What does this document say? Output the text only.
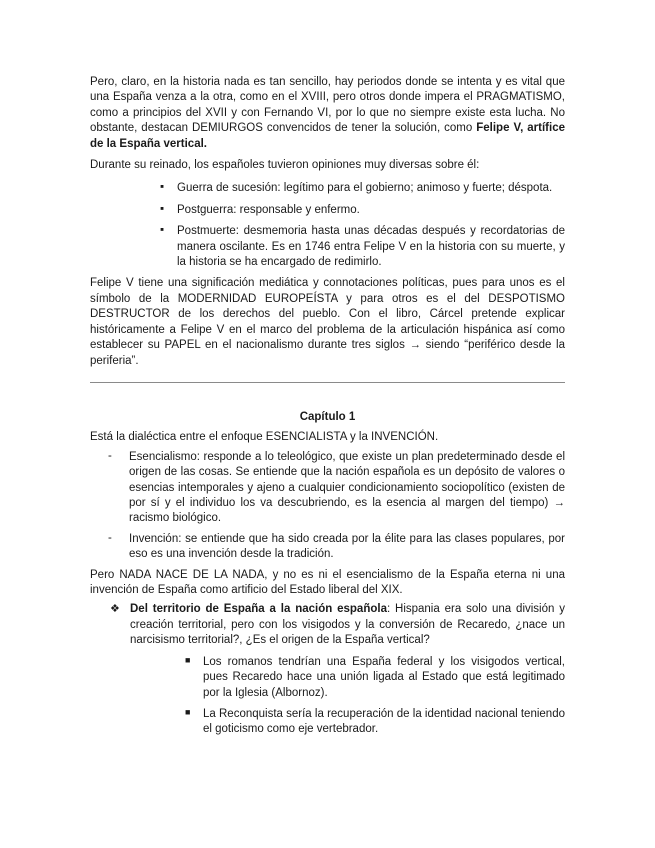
Pero, claro, en la historia nada es tan sencillo, hay periodos donde se intenta y es vital que una España venza a la otra, como en el XVIII, pero otros donde impera el PRAGMATISMO, como a principios del XVII y con Fernando VI, por lo que no siempre existe esta lucha. No obstante, destacan DEMIURGOS convencidos de tener la solución, como Felipe V, artífice de la España vertical.

Durante su reinado, los españoles tuvieron opiniones muy diversas sobre él:

▪ Guerra de sucesión: legítimo para el gobierno; animoso y fuerte; déspota.

▪ Postguerra: responsable y enfermo.

▪ Postmuerte: desmemoria hasta unas décadas después y recordatorias de manera oscilante. Es en 1746 entra Felipe V en la historia con su muerte, y la historia se ha encargado de redimirlo.

Felipe V tiene una significación mediática y connotaciones políticas, pues para unos es el símbolo de la MODERNIDAD EUROPEÍSTA y para otros es el del DESPOTISMO DESTRUCTOR de los derechos del pueblo. Con el libro, Cárcel pretende explicar históricamente a Felipe V en el marco del problema de la articulación hispánica así como establecer su PAPEL en el nacionalismo durante tres siglos → siendo “periférico desde la periferia”.

Capítulo 1

Está la dialéctica entre el enfoque ESENCIALISTA y la INVENCIÓN.

- Esencialismo: responde a lo teleológico, que existe un plan predeterminado desde el origen de las cosas. Se entiende que la nación española es un depósito de valores o esencias intemporales y ajeno a cualquier condicionamiento sociopolítico (existen de por sí y el individuo los va descubriendo, es la esencia al margen del tiempo) → racismo biológico.

- Invención: se entiende que ha sido creada por la élite para las clases populares, por eso es una invención desde la tradición.

Pero NADA NACE DE LA NADA, y no es ni el esencialismo de la España eterna ni una invención de España como artificio del Estado liberal del XIX.

❖ Del territorio de España a la nación española: Hispania era solo una división y creación territorial, pero con los visigodos y la conversión de Recaredo, ¿nace un narcisismo territorial?, ¿Es el origen de la España vertical?

■ Los romanos tendrían una España federal y los visigodos vertical, pues Recaredo hace una unión ligada al Estado que está legitimado por la Iglesia (Albornoz).

■ La Reconquista sería la recuperación de la identidad nacional teniendo el goticismo como eje vertebrador.
